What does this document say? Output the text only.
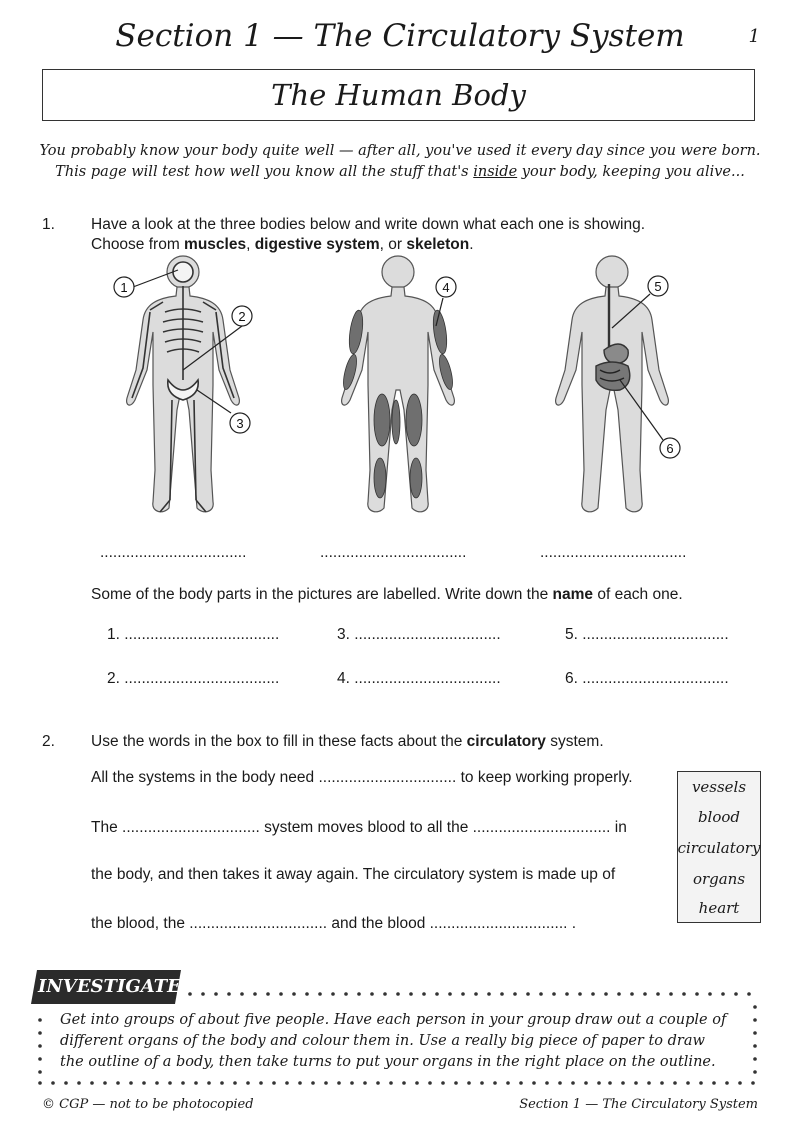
Section 1 — The Circulatory System	1
The Human Body
You probably know your body quite well — after all, you've used it every day since you were born.
This page will test how well you know all the stuff that's inside your body, keeping you alive...
1. Have a look at the three bodies below and write down what each one is showing.
Choose from muscles, digestive system, or skeleton.
1
2
3
4	5
6
..................................	..................................	..................................
Some of the body parts in the pictures are labelled. Write down the name of each one.
1. ....................................	3. ..................................	5. ..................................
2. ....................................	4. ..................................	6. ..................................
2. Use the words in the box to fill in these facts about the circulatory system.
All the systems in the body need ................................ to keep working properly.
The ................................ system moves blood to all the ................................ in
the body, and then takes it away again. The circulatory system is made up of
the blood, the ................................ and the blood ................................ .
vessels
blood
circulatory
organs
heart
INVESTIGATE
Get into groups of about five people. Have each person in your group draw out a couple of
different organs of the body and colour them in. Use a really big piece of paper to draw
the outline of a body, then take turns to put your organs in the right place on the outline.
© CGP — not to be photocopied	Section 1 — The Circulatory System
